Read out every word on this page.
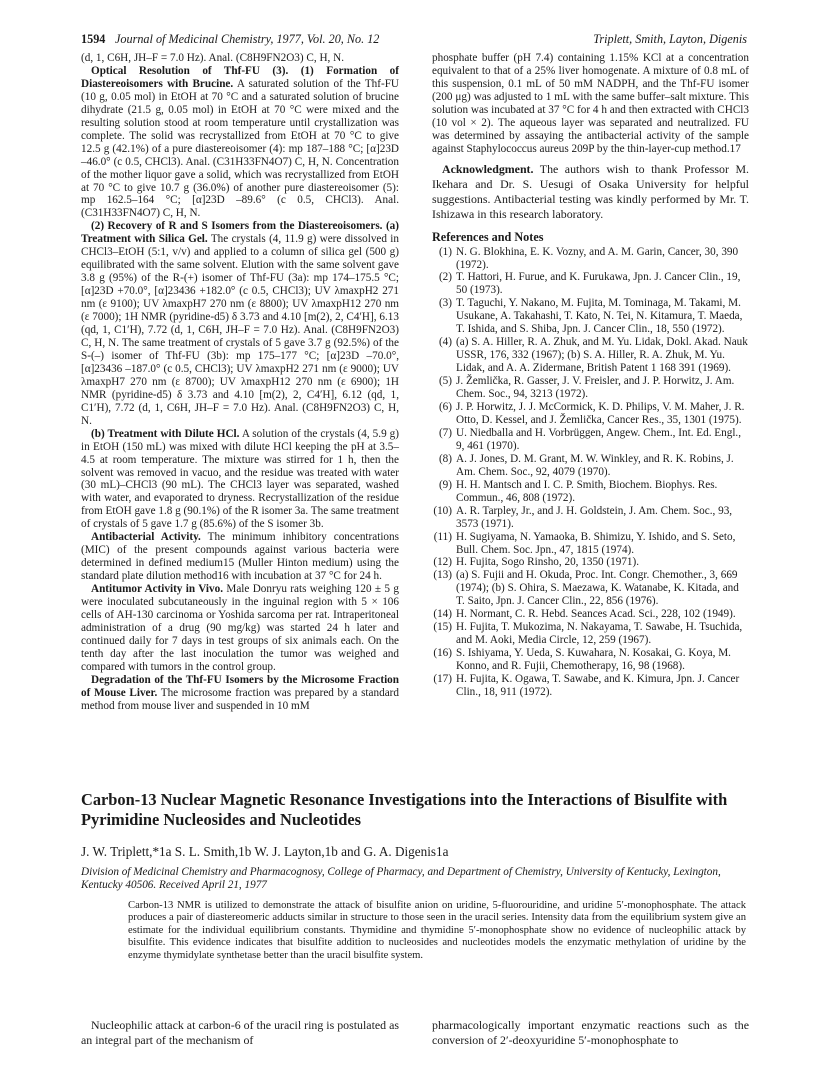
1594 Journal of Medicinal Chemistry, 1977, Vol. 20, No. 12	Triplett, Smith, Layton, Digenis

(d, 1, C6H, JH–F = 7.0 Hz). Anal. (C8H9FN2O3) C, H, N.

Optical Resolution of Thf-FU (3). (1) Formation of Diastereoisomers with Brucine. A saturated solution of the Thf-FU (10 g, 0.05 mol) in EtOH at 70 °C and a saturated solution of brucine dihydrate (21.5 g, 0.05 mol) in EtOH at 70 °C were mixed and the resulting solution stood at room temperature until crystallization was complete. The solid was recrystallized from EtOH at 70 °C to give 12.5 g (42.1%) of a pure diastereoisomer (4): mp 187–188 °C; [α]23D –46.0° (c 0.5, CHCl3). Anal. (C31H33FN4O7) C, H, N. Concentration of the mother liquor gave a solid, which was recrystallized from EtOH at 70 °C to give 10.7 g (36.0%) of another pure diastereoisomer (5): mp 162.5–164 °C; [α]23D –89.6° (c 0.5, CHCl3). Anal. (C31H33FN4O7) C, H, N.

(2) Recovery of R and S Isomers from the Diastereoisomers. (a) Treatment with Silica Gel. The crystals (4, 11.9 g) were dissolved in CHCl3–EtOH (5:1, v/v) and applied to a column of silica gel (500 g) equilibrated with the same solvent. Elution with the same solvent gave 3.8 g (95%) of the R-(+) isomer of Thf-FU (3a): mp 174–175.5 °C; [α]23D +70.0°, [α]23436 +182.0° (c 0.5, CHCl3); UV λmaxpH2 271 nm (ε 9100); UV λmaxpH7 270 nm (ε 8800); UV λmaxpH12 270 nm (ε 7000); 1H NMR (pyridine-d5) δ 3.73 and 4.10 [m(2), 2, C4′H], 6.13 (qd, 1, C1′H), 7.72 (d, 1, C6H, JH–F = 7.0 Hz). Anal. (C8H9FN2O3) C, H, N. The same treatment of crystals of 5 gave 3.7 g (92.5%) of the S-(–) isomer of Thf-FU (3b): mp 175–177 °C; [α]23D –70.0°, [α]23436 –187.0° (c 0.5, CHCl3); UV λmaxpH2 271 nm (ε 9000); UV λmaxpH7 270 nm (ε 8700); UV λmaxpH12 270 nm (ε 6900); 1H NMR (pyridine-d5) δ 3.73 and 4.10 [m(2), 2, C4′H], 6.12 (qd, 1, C1′H), 7.72 (d, 1, C6H, JH–F = 7.0 Hz). Anal. (C8H9FN2O3) C, H, N.

(b) Treatment with Dilute HCl. A solution of the crystals (4, 5.9 g) in EtOH (150 mL) was mixed with dilute HCl keeping the pH at 3.5–4.5 at room temperature. The mixture was stirred for 1 h, then the solvent was removed in vacuo, and the residue was treated with water (30 mL)–CHCl3 (90 mL). The CHCl3 layer was separated, washed with water, and evaporated to dryness. Recrystallization of the residue from EtOH gave 1.8 g (90.1%) of the R isomer 3a. The same treatment of crystals of 5 gave 1.7 g (85.6%) of the S isomer 3b.

Antibacterial Activity. The minimum inhibitory concentrations (MIC) of the present compounds against various bacteria were determined in defined medium15 (Muller Hinton medium) using the standard plate dilution method16 with incubation at 37 °C for 24 h.

Antitumor Activity in Vivo. Male Donryu rats weighing 120 ± 5 g were inoculated subcutaneously in the inguinal region with 5 × 106 cells of AH-130 carcinoma or Yoshida sarcoma per rat. Intraperitoneal administration of a drug (90 mg/kg) was started 24 h later and continued daily for 7 days in test groups of six animals each. On the tenth day after the last inoculation the tumor was weighed and compared with tumors in the control group.

Degradation of the Thf-FU Isomers by the Microsome Fraction of Mouse Liver. The microsome fraction was prepared by a standard method from mouse liver and suspended in 10 mM

phosphate buffer (pH 7.4) containing 1.15% KCl at a concentration equivalent to that of a 25% liver homogenate. A mixture of 0.8 mL of this suspension, 0.1 mL of 50 mM NADPH, and the Thf-FU isomer (200 μg) was adjusted to 1 mL with the same buffer–salt mixture. This solution was incubated at 37 °C for 4 h and then extracted with CHCl3 (10 vol × 2). The aqueous layer was separated and neutralized. FU was determined by assaying the antibacterial activity of the sample against Staphylococcus aureus 209P by the thin-layer-cup method.17

Acknowledgment. The authors wish to thank Professor M. Ikehara and Dr. S. Uesugi of Osaka University for helpful suggestions. Antibacterial testing was kindly performed by Mr. T. Ishizawa in this research laboratory.

References and Notes
(1) N. G. Blokhina, E. K. Vozny, and A. M. Garin, Cancer, 30, 390 (1972).
(2) T. Hattori, H. Furue, and K. Furukawa, Jpn. J. Cancer Clin., 19, 50 (1973).
(3) T. Taguchi, Y. Nakano, M. Fujita, M. Tominaga, M. Takami, M. Usukane, A. Takahashi, T. Kato, N. Tei, N. Kitamura, T. Maeda, T. Ishida, and S. Shiba, Jpn. J. Cancer Clin., 18, 550 (1972).
(4) (a) S. A. Hiller, R. A. Zhuk, and M. Yu. Lidak, Dokl. Akad. Nauk USSR, 176, 332 (1967); (b) S. A. Hiller, R. A. Zhuk, M. Yu. Lidak, and A. A. Zidermane, British Patent 1 168 391 (1969).
(5) J. Žemlička, R. Gasser, J. V. Freisler, and J. P. Horwitz, J. Am. Chem. Soc., 94, 3213 (1972).
(6) J. P. Horwitz, J. J. McCormick, K. D. Philips, V. M. Maher, J. R. Otto, D. Kessel, and J. Žemlička, Cancer Res., 35, 1301 (1975).
(7) U. Niedballa and H. Vorbrüggen, Angew. Chem., Int. Ed. Engl., 9, 461 (1970).
(8) A. J. Jones, D. M. Grant, M. W. Winkley, and R. K. Robins, J. Am. Chem. Soc., 92, 4079 (1970).
(9) H. H. Mantsch and I. C. P. Smith, Biochem. Biophys. Res. Commun., 46, 808 (1972).
(10) A. R. Tarpley, Jr., and J. H. Goldstein, J. Am. Chem. Soc., 93, 3573 (1971).
(11) H. Sugiyama, N. Yamaoka, B. Shimizu, Y. Ishido, and S. Seto, Bull. Chem. Soc. Jpn., 47, 1815 (1974).
(12) H. Fujita, Sogo Rinsho, 20, 1350 (1971).
(13) (a) S. Fujii and H. Okuda, Proc. Int. Congr. Chemother., 3, 669 (1974); (b) S. Ohira, S. Maezawa, K. Watanabe, K. Kitada, and T. Saito, Jpn. J. Cancer Clin., 22, 856 (1976).
(14) H. Normant, C. R. Hebd. Seances Acad. Sci., 228, 102 (1949).
(15) H. Fujita, T. Mukozima, N. Nakayama, T. Sawabe, H. Tsuchida, and M. Aoki, Media Circle, 12, 259 (1967).
(16) S. Ishiyama, Y. Ueda, S. Kuwahara, N. Kosakai, G. Koya, M. Konno, and R. Fujii, Chemotherapy, 16, 98 (1968).
(17) H. Fujita, K. Ogawa, T. Sawabe, and K. Kimura, Jpn. J. Cancer Clin., 18, 911 (1972).
Carbon-13 Nuclear Magnetic Resonance Investigations into the Interactions of Bisulfite with Pyrimidine Nucleosides and Nucleotides

J. W. Triplett,*1a S. L. Smith,1b W. J. Layton,1b and G. A. Digenis1a

Division of Medicinal Chemistry and Pharmacognosy, College of Pharmacy, and Department of Chemistry, University of Kentucky, Lexington, Kentucky 40506. Received April 21, 1977

Carbon-13 NMR is utilized to demonstrate the attack of bisulfite anion on uridine, 5-fluorouridine, and uridine 5′-monophosphate. The attack produces a pair of diastereomeric adducts similar in structure to those seen in the uracil series. Intensity data from the equilibrium system give an estimate for the individual equilibrium constants. Thymidine and thymidine 5′-monophosphate show no evidence of nucleophilic attack by bisulfite. This evidence indicates that bisulfite addition to nucleosides and nucleotides models the enzymatic methylation of uridine by the enzyme thymidylate synthetase better than the uracil bisulfite system.

Nucleophilic attack at carbon-6 of the uracil ring is postulated as an integral part of the mechanism of

pharmacologically important enzymatic reactions such as the conversion of 2′-deoxyuridine 5′-monophosphate to
